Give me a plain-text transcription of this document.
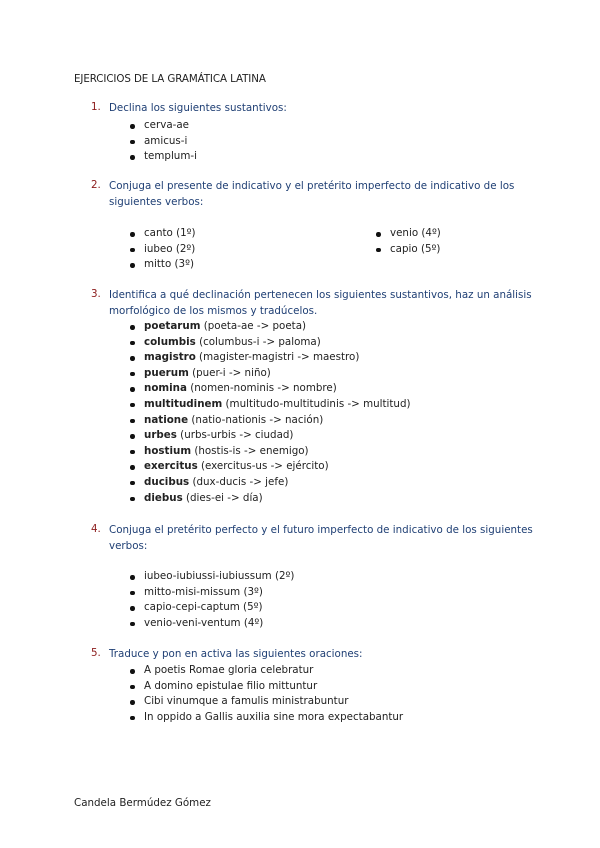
EJERCICIOS DE LA GRAMÁTICA LATINA
1. Declina los siguientes sustantivos:
cerva-ae
amicus-i
templum-i
2. Conjuga el presente de indicativo y el pretérito imperfecto de indicativo de los siguientes verbos:
canto (1º)
iubeo (2º)
mitto (3º)
venio (4º)
capio (5º)
3. Identifica a qué declinación pertenecen los siguientes sustantivos, haz un análisis morfológico de los mismos y tradúcelos.
poetarum (poeta-ae -> poeta)
columbis (columbus-i -> paloma)
magistro (magister-magistri -> maestro)
puerum (puer-i -> niño)
nomina (nomen-nominis -> nombre)
multitudinem (multitudo-multitudinis -> multitud)
natione (natio-nationis -> nación)
urbes (urbs-urbis -> ciudad)
hostium (hostis-is -> enemigo)
exercitus (exercitus-us -> ejército)
ducibus (dux-ducis -> jefe)
diebus (dies-ei -> día)
4. Conjuga el pretérito perfecto y el futuro imperfecto de indicativo de los siguientes verbos:
iubeo-iubiussi-iubiussum (2º)
mitto-misi-missum (3º)
capio-cepi-captum (5º)
venio-veni-ventum (4º)
5. Traduce y pon en activa las siguientes oraciones:
A poetis Romae gloria celebratur
A domino epistulae filio mittuntur
Cibi vinumque a famulis ministrabuntur
In oppido a Gallis auxilia sine mora expectabantur
Candela Bermúdez Gómez
